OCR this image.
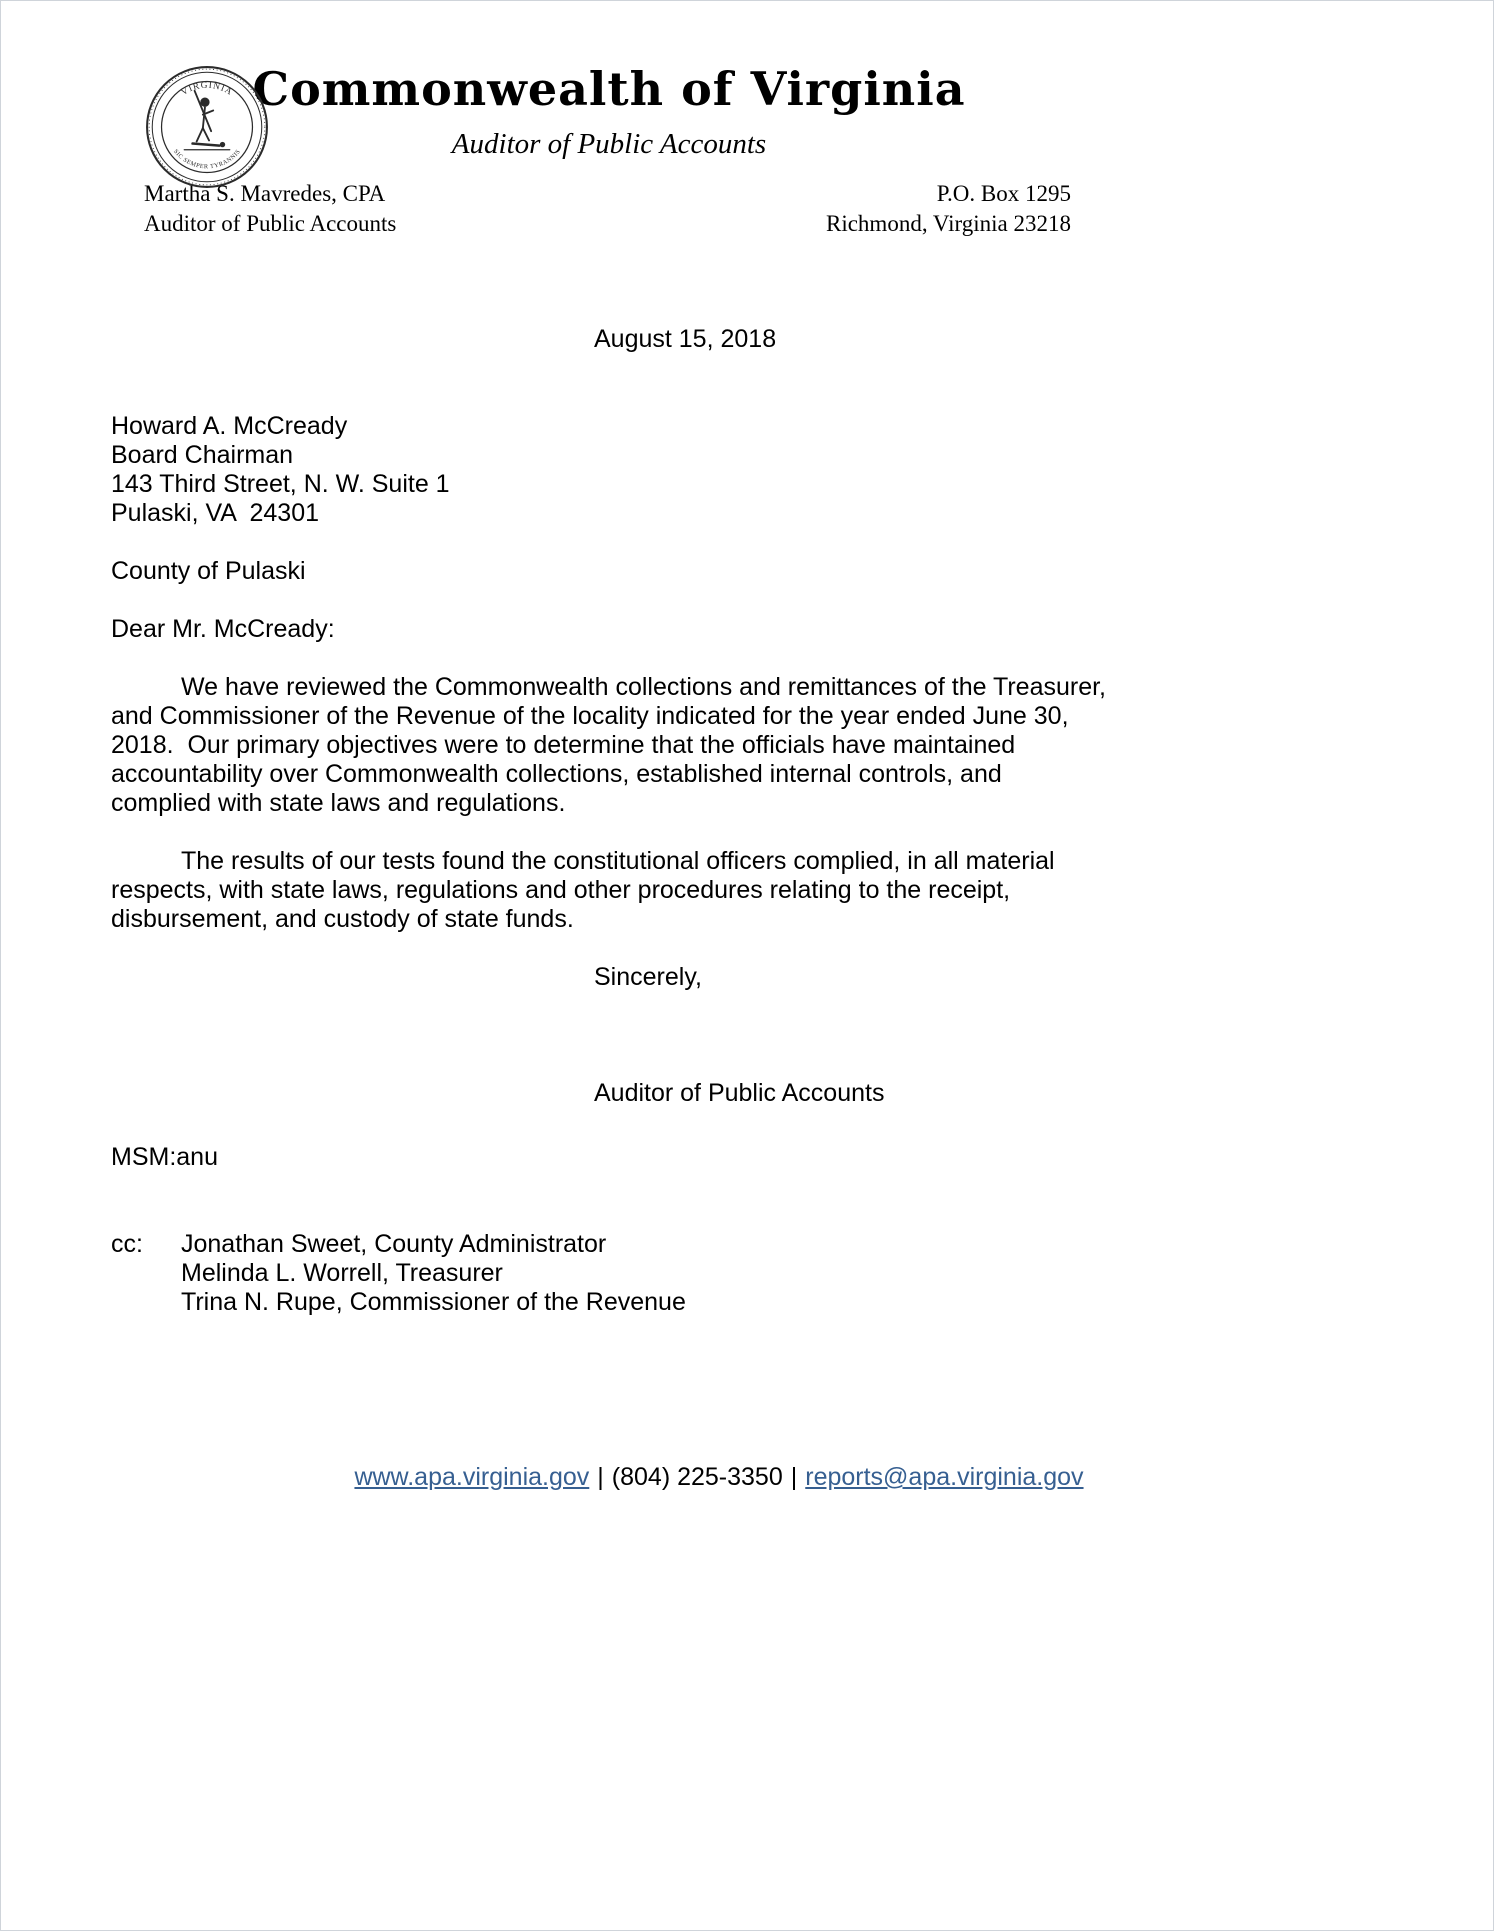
VIRGINIA
SIC SEMPER TYRANNIS
Commonwealth of Virginia
Auditor of Public Accounts
Martha S. Mavredes, CPA
Auditor of Public Accounts
P.O. Box 1295
Richmond, Virginia 23218
August 15, 2018
Howard A. McCready
Board Chairman
143 Third Street, N. W. Suite 1
Pulaski, VA  24301
County of Pulaski
Dear Mr. McCready:

We have reviewed the Commonwealth collections and remittances of the Treasurer, and Commissioner of the Revenue of the locality indicated for the year ended June 30, 2018.  Our primary objectives were to determine that the officials have maintained accountability over Commonwealth collections, established internal controls, and complied with state laws and regulations.

The results of our tests found the constitutional officers complied, in all material respects, with state laws, regulations and other procedures relating to the receipt, disbursement, and custody of state funds.

Sincerely,
Auditor of Public Accounts
MSM:anu
cc:	Jonathan Sweet, County Administrator
Melinda L. Worrell, Treasurer
Trina N. Rupe, Commissioner of the Revenue
www.apa.virginia.gov | (804) 225-3350 | reports@apa.virginia.gov
